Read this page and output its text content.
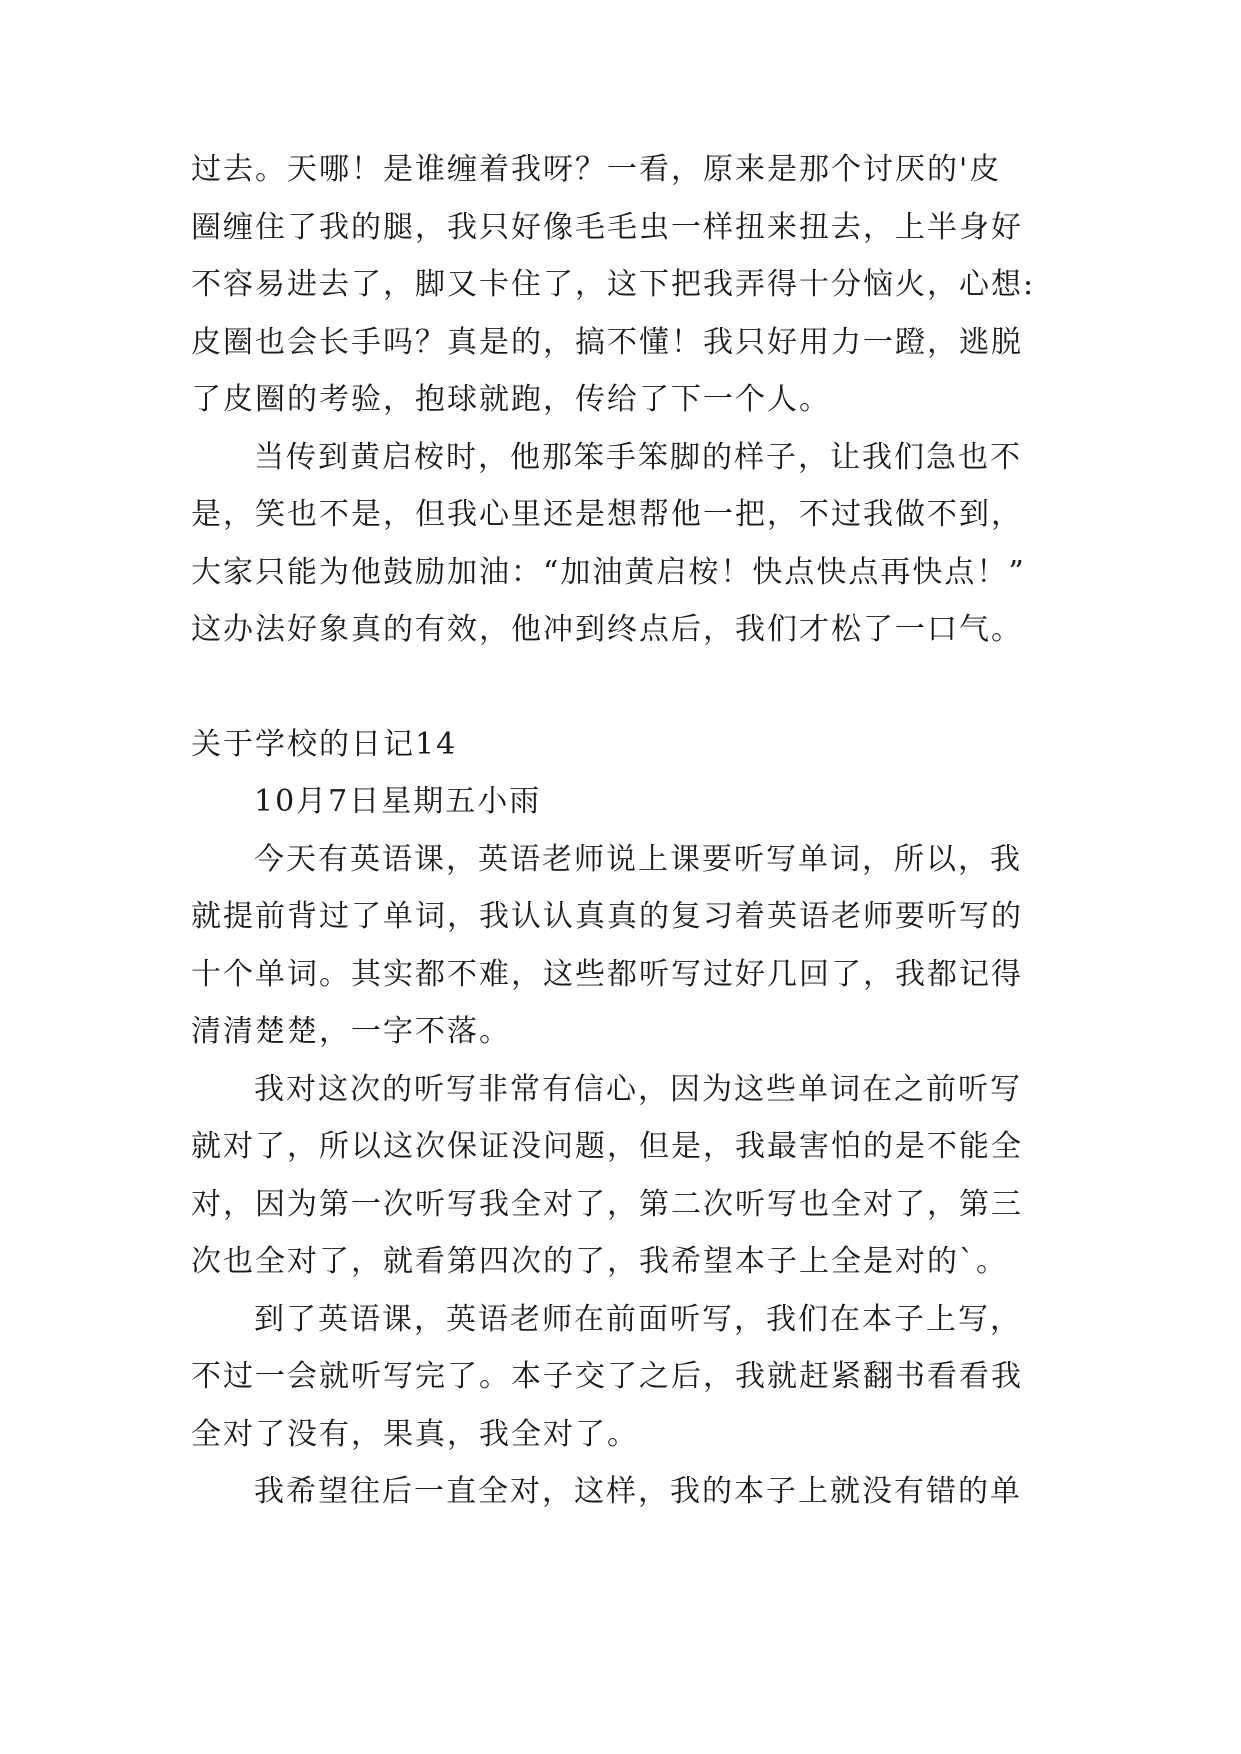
过去。天哪！是谁缠着我呀？一看，原来是那个讨厌的'皮
圈缠住了我的腿，我只好像毛毛虫一样扭来扭去，上半身好
不容易进去了，脚又卡住了，这下把我弄得十分恼火，心想:
皮圈也会长手吗？真是的，搞不懂！我只好用力一蹬，逃脱
了皮圈的考验，抱球就跑，传给了下一个人。
当传到黄启桉时，他那笨手笨脚的样子，让我们急也不
是，笑也不是，但我心里还是想帮他一把，不过我做不到，
大家只能为他鼓励加油：“加油黄启桉！快点快点再快点！”
这办法好象真的有效，他冲到终点后，我们才松了一口气。
关于学校的日记14
10月7日星期五小雨
今天有英语课，英语老师说上课要听写单词，所以，我
就提前背过了单词，我认认真真的复习着英语老师要听写的
十个单词。其实都不难，这些都听写过好几回了，我都记得
清清楚楚，一字不落。
我对这次的听写非常有信心，因为这些单词在之前听写
就对了，所以这次保证没问题，但是，我最害怕的是不能全
对，因为第一次听写我全对了，第二次听写也全对了，第三
次也全对了，就看第四次的了，我希望本子上全是对的`。
到了英语课，英语老师在前面听写，我们在本子上写，
不过一会就听写完了。本子交了之后，我就赶紧翻书看看我
全对了没有，果真，我全对了。
我希望往后一直全对，这样，我的本子上就没有错的单
